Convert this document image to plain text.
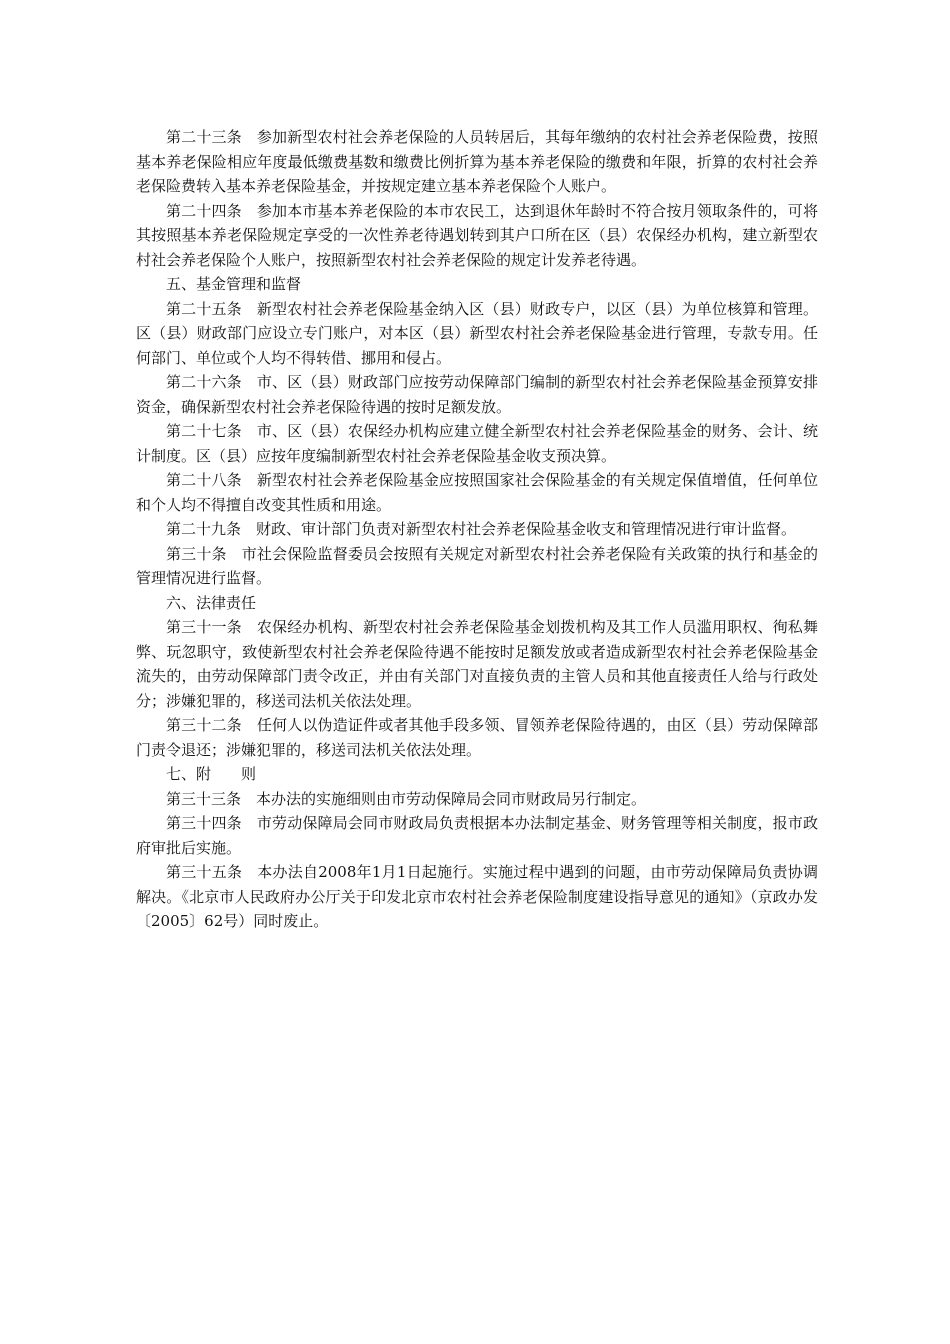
第二十三条 参加新型农村社会养老保险的人员转居后，其每年缴纳的农村社会养老保险费，按照基本养老保险相应年度最低缴费基数和缴费比例折算为基本养老保险的缴费和年限，折算的农村社会养老保险费转入基本养老保险基金，并按规定建立基本养老保险个人账户。

第二十四条 参加本市基本养老保险的本市农民工，达到退休年龄时不符合按月领取条件的，可将其按照基本养老保险规定享受的一次性养老待遇划转到其户口所在区（县）农保经办机构，建立新型农村社会养老保险个人账户，按照新型农村社会养老保险的规定计发养老待遇。

五、基金管理和监督

第二十五条 新型农村社会养老保险基金纳入区（县）财政专户，以区（县）为单位核算和管理。区（县）财政部门应设立专门账户，对本区（县）新型农村社会养老保险基金进行管理，专款专用。任何部门、单位或个人均不得转借、挪用和侵占。

第二十六条 市、区（县）财政部门应按劳动保障部门编制的新型农村社会养老保险基金预算安排资金，确保新型农村社会养老保险待遇的按时足额发放。

第二十七条 市、区（县）农保经办机构应建立健全新型农村社会养老保险基金的财务、会计、统计制度。区（县）应按年度编制新型农村社会养老保险基金收支预决算。

第二十八条 新型农村社会养老保险基金应按照国家社会保险基金的有关规定保值增值，任何单位和个人均不得擅自改变其性质和用途。

第二十九条 财政、审计部门负责对新型农村社会养老保险基金收支和管理情况进行审计监督。

第三十条 市社会保险监督委员会按照有关规定对新型农村社会养老保险有关政策的执行和基金的管理情况进行监督。

六、法律责任

第三十一条 农保经办机构、新型农村社会养老保险基金划拨机构及其工作人员滥用职权、徇私舞弊、玩忽职守，致使新型农村社会养老保险待遇不能按时足额发放或者造成新型农村社会养老保险基金流失的，由劳动保障部门责令改正，并由有关部门对直接负责的主管人员和其他直接责任人给与行政处分；涉嫌犯罪的，移送司法机关依法处理。

第三十二条 任何人以伪造证件或者其他手段多领、冒领养老保险待遇的，由区（县）劳动保障部门责令退还；涉嫌犯罪的，移送司法机关依法处理。

七、附　　则

第三十三条 本办法的实施细则由市劳动保障局会同市财政局另行制定。

第三十四条 市劳动保障局会同市财政局负责根据本办法制定基金、财务管理等相关制度，报市政府审批后实施。

第三十五条 本办法自2008年1月1日起施行。实施过程中遇到的问题，由市劳动保障局负责协调解决。《北京市人民政府办公厅关于印发北京市农村社会养老保险制度建设指导意见的通知》（京政办发〔2005〕62号）同时废止。
